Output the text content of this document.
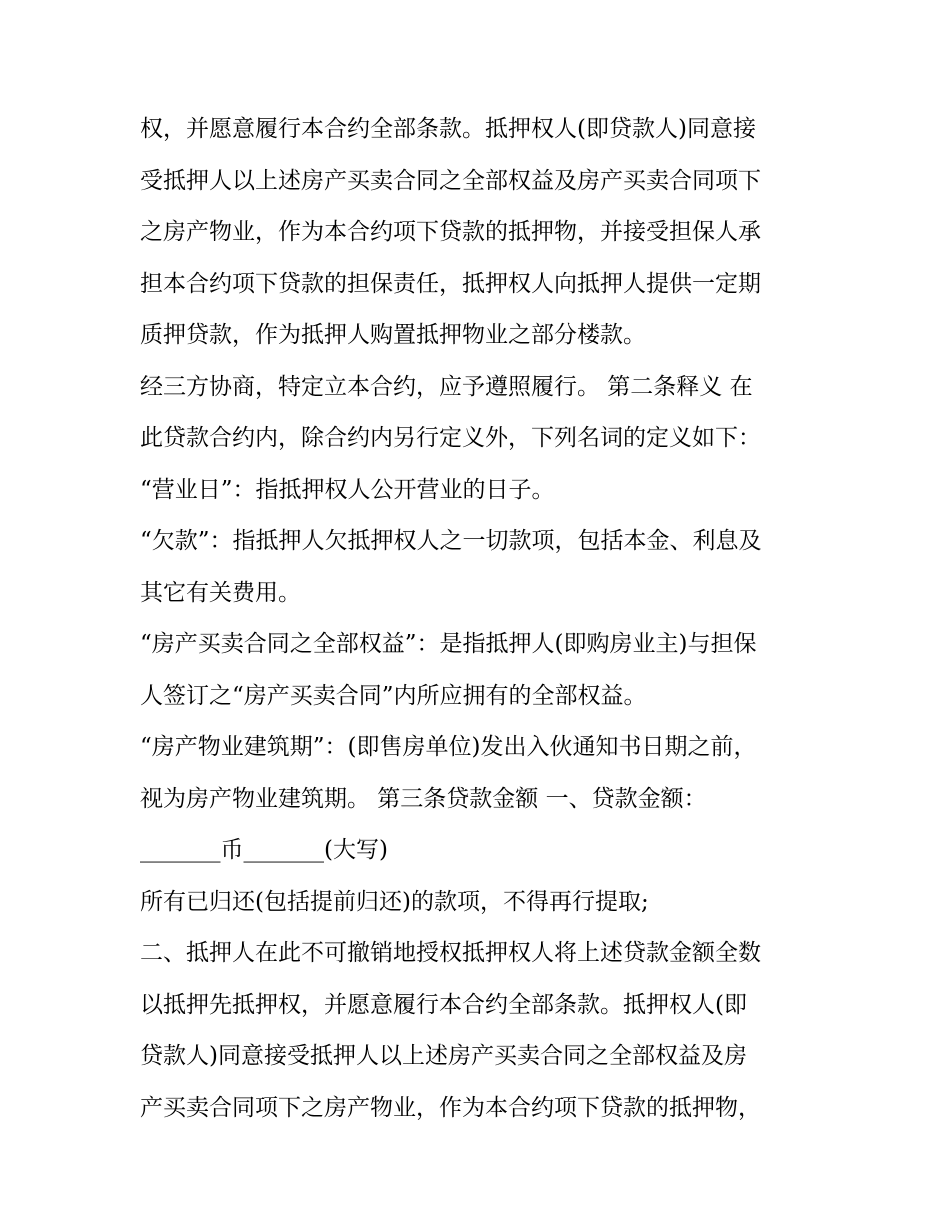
权，并愿意履行本合约全部条款。抵押权人(即贷款人)同意接
受抵押人以上述房产买卖合同之全部权益及房产买卖合同项下
之房产物业，作为本合约项下贷款的抵押物，并接受担保人承
担本合约项下贷款的担保责任，抵押权人向抵押人提供一定期
质押贷款，作为抵押人购置抵押物业之部分楼款。
经三方协商，特定立本合约，应予遵照履行。 第二条释义 在
此贷款合约内，除合约内另行定义外，下列名词的定义如下：
“营业日”：指抵押权人公开营业的日子。
“欠款”：指抵押人欠抵押权人之一切款项，包括本金、利息及
其它有关费用。
“房产买卖合同之全部权益”：是指抵押人(即购房业主)与担保
人签订之“房产买卖合同”内所应拥有的全部权益。
“房产物业建筑期”：(即售房单位)发出入伙通知书日期之前，
视为房产物业建筑期。 第三条贷款金额 一、贷款金额：
_______币_______(大写)
所有已归还(包括提前归还)的款项，不得再行提取;
二、抵押人在此不可撤销地授权抵押权人将上述贷款金额全数
以抵押先抵押权，并愿意履行本合约全部条款。抵押权人(即
贷款人)同意接受抵押人以上述房产买卖合同之全部权益及房
产买卖合同项下之房产物业，作为本合约项下贷款的抵押物，
